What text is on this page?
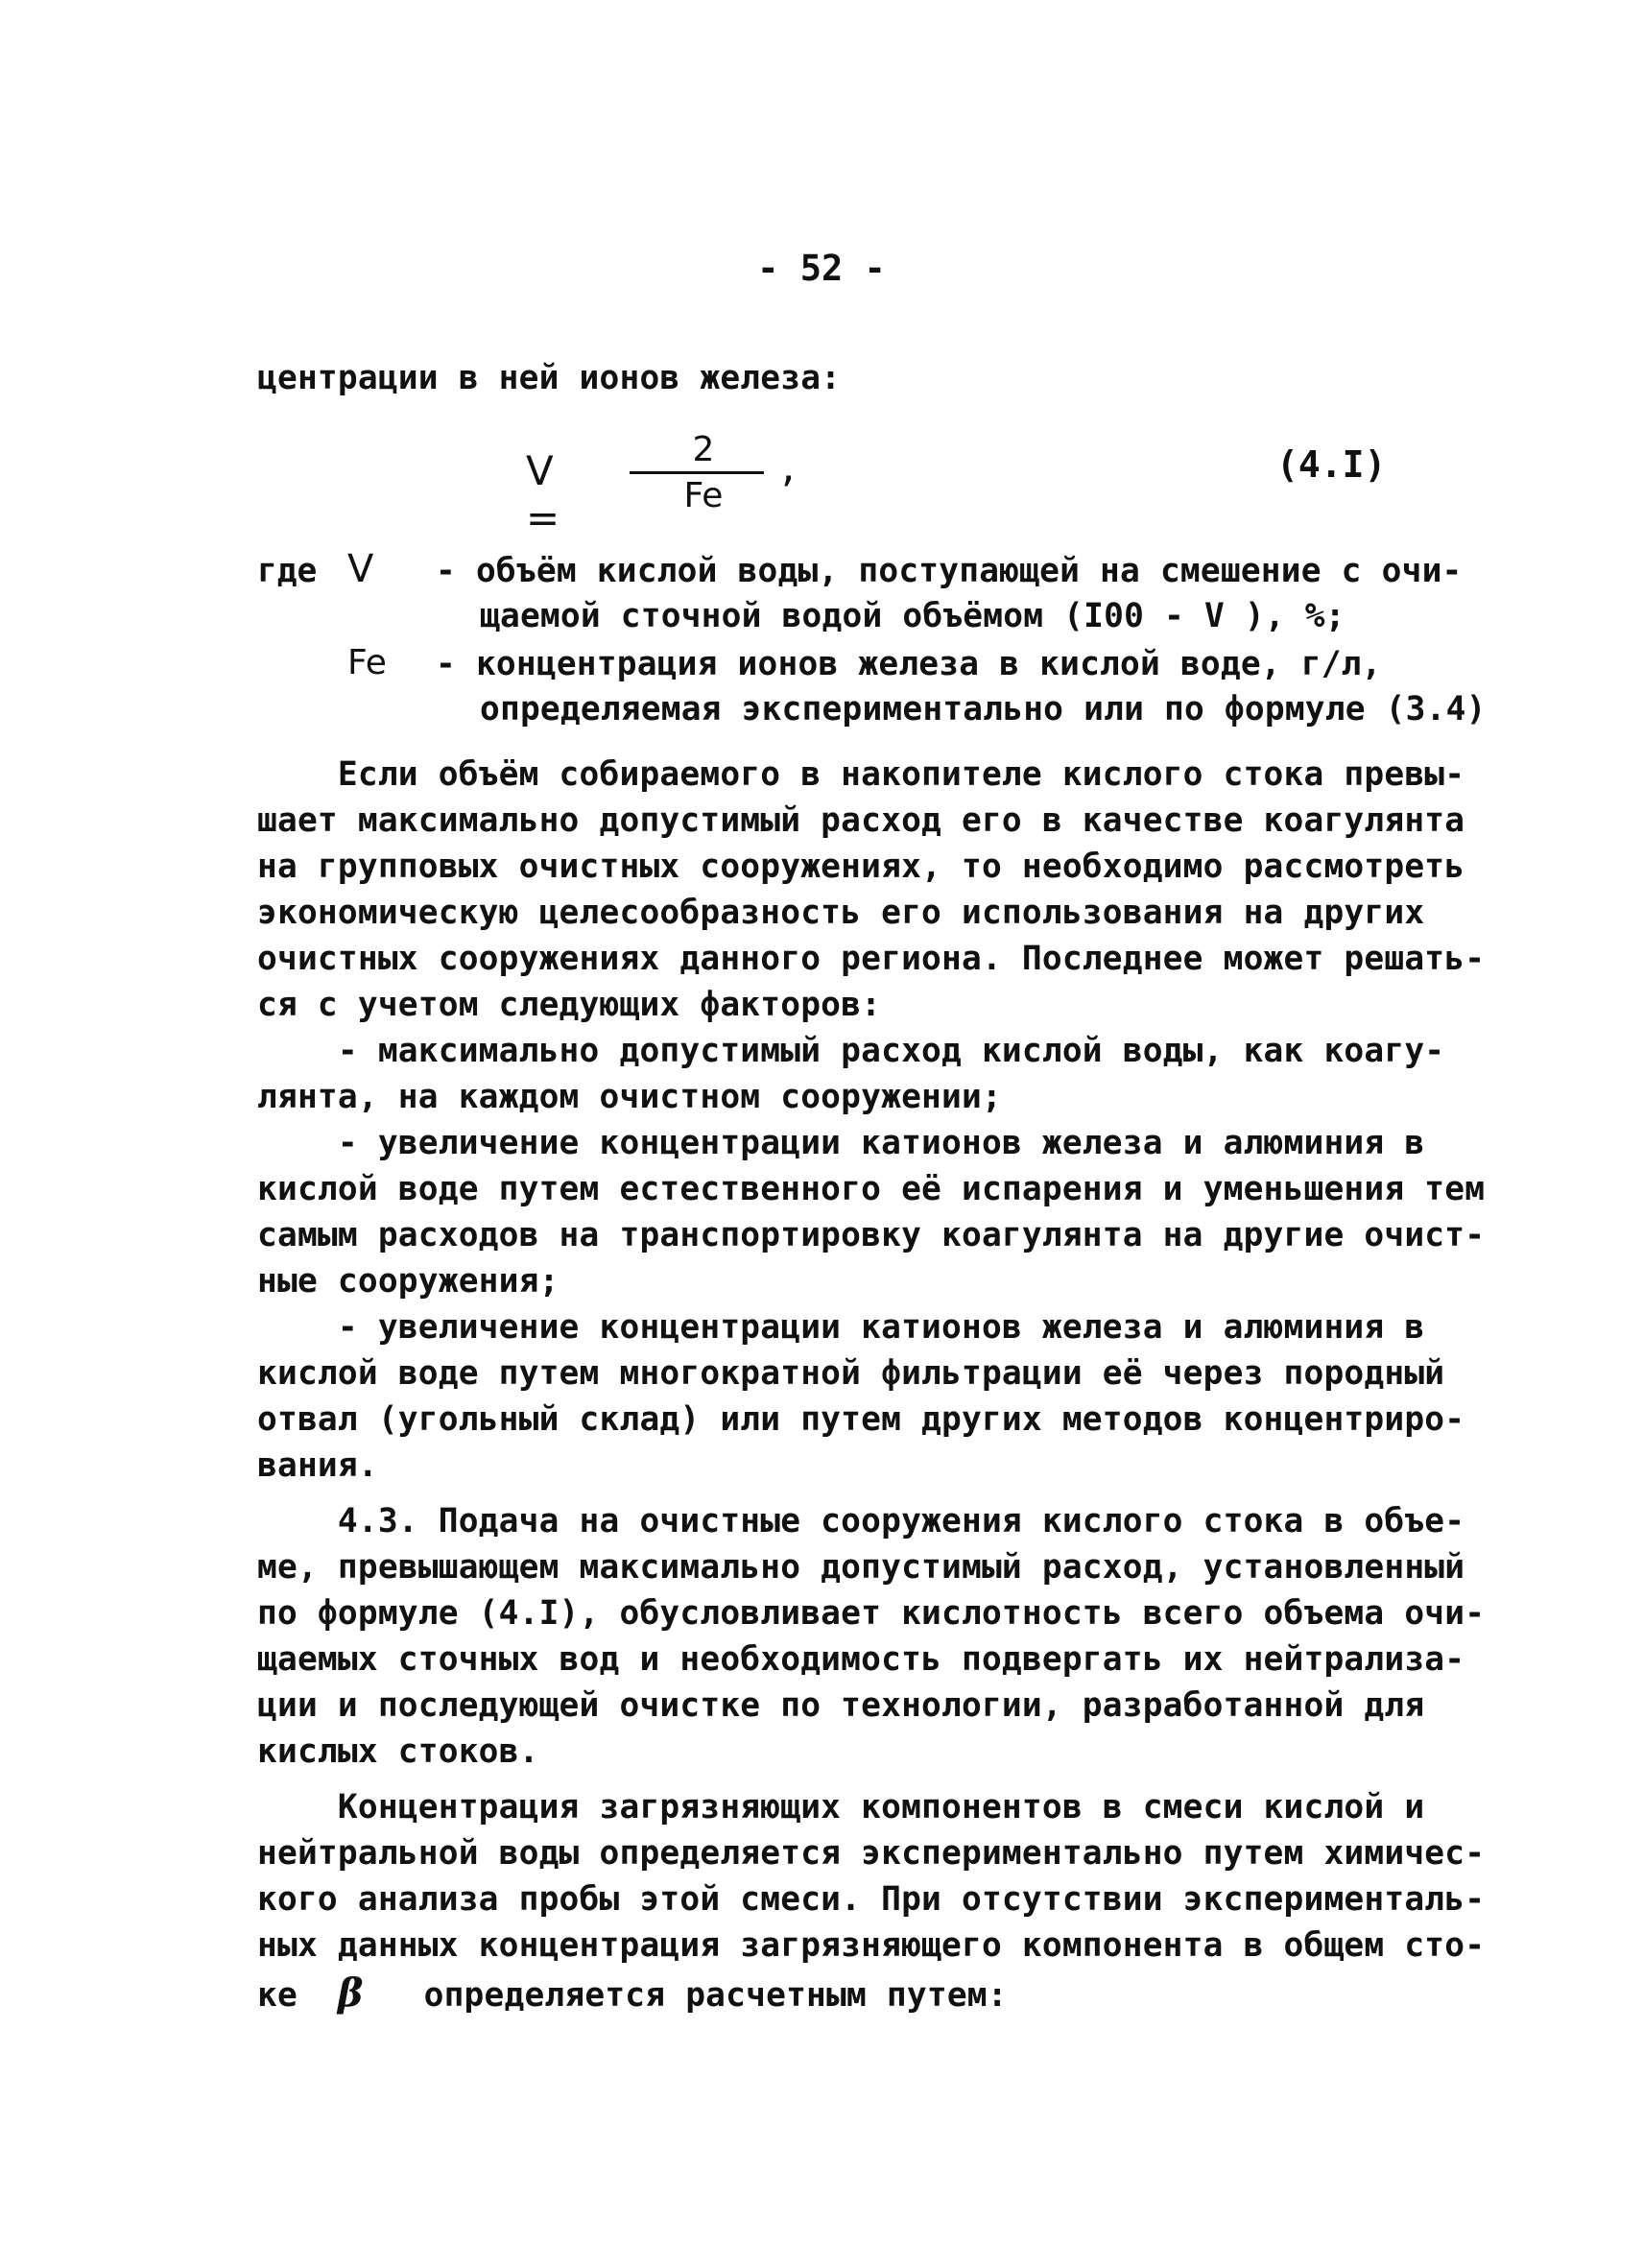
- 52 -
центрации в ней ионов железа:
V =
2
Fe
,	(4.I)
где V - объём кислой воды, поступающей на смешение с очи-
щаемой сточной водой объёмом (I00 - V ), %;
Fe - концентрация ионов железа в кислой воде, г/л,
определяемая экспериментально или по формуле (3.4)
Если объём собираемого в накопителе кислого стока превы-
шает максимально допустимый расход его в качестве коагулянта
на групповых очистных сооружениях, то необходимо рассмотреть
экономическую целесообразность его использования на других
очистных сооружениях данного региона. Последнее может решать-
ся с учетом следующих факторов:
- максимально допустимый расход кислой воды, как коагу-
лянта, на каждом очистном сооружении;
- увеличение концентрации катионов железа и алюминия в
кислой воде путем естественного её испарения и уменьшения тем
самым расходов на транспортировку коагулянта на другие очист-
ные сооружения;
- увеличение концентрации катионов железа и алюминия в
кислой воде путем многократной фильтрации её через породный
отвал (угольный склад) или путем других методов концентриро-
вания.
4.3. Подача на очистные сооружения кислого стока в объе-
ме, превышающем максимально допустимый расход, установленный
по формуле (4.I), обусловливает кислотность всего объема очи-
щаемых сточных вод и необходимость подвергать их нейтрализа-
ции и последующей очистке по технологии, разработанной для
кислых стоков.
Концентрация загрязняющих компонентов в смеси кислой и
нейтральной воды определяется экспериментально путем химичес-
кого анализа пробы этой смеси. При отсутствии эксперименталь-
ных данных концентрация загрязняющего компонента в общем сто-
ке β определяется расчетным путем:
